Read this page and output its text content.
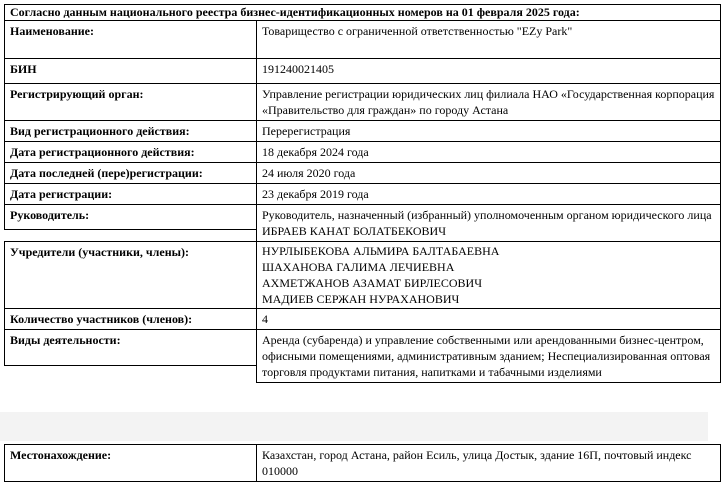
Согласно данным национального реестра бизнес-идентификационных номеров на 01 февраля 2025 года:
Наименование:	Товарищество с ограниченной ответственностью "EZy Park"
БИН	191240021405
Регистрирующий орган:	Управление регистрации юридических лиц филиала НАО «Государственная корпорация «Правительство для граждан» по городу Астана
Вид регистрационного действия:	Перерегистрация
Дата регистрационного действия:	18 декабря 2024 года
Дата последней (пере)регистрации:	24 июля 2020 года
Дата регистрации:	23 декабря 2019 года
Руководитель:	Руководитель, назначенный (избранный) уполномоченным органом юридического лица
ИБРАЕВ КАНАТ БОЛАТБЕКОВИЧ
Учредители (участники, члены):	НУРЛЫБЕКОВА АЛЬМИРА БАЛТАБАЕВНА
ШАХАНОВА ГАЛИМА ЛЕЧИЕВНА
АХМЕТЖАНОВ АЗАМАТ БИРЛЕСОВИЧ
МАДИЕВ СЕРЖАН НУРАХАНОВИЧ
Количество участников (членов):	4
Виды деятельности:	Аренда (субаренда) и управление собственными или арендованными бизнес-центром, офисными помещениями, административным зданием; Неспециализированная оптовая торговля продуктами питания, напитками и табачными изделиями
Местонахождение:	Казахстан, город Астана, район Есиль, улица Достык, здание 16П, почтовый индекс 010000
